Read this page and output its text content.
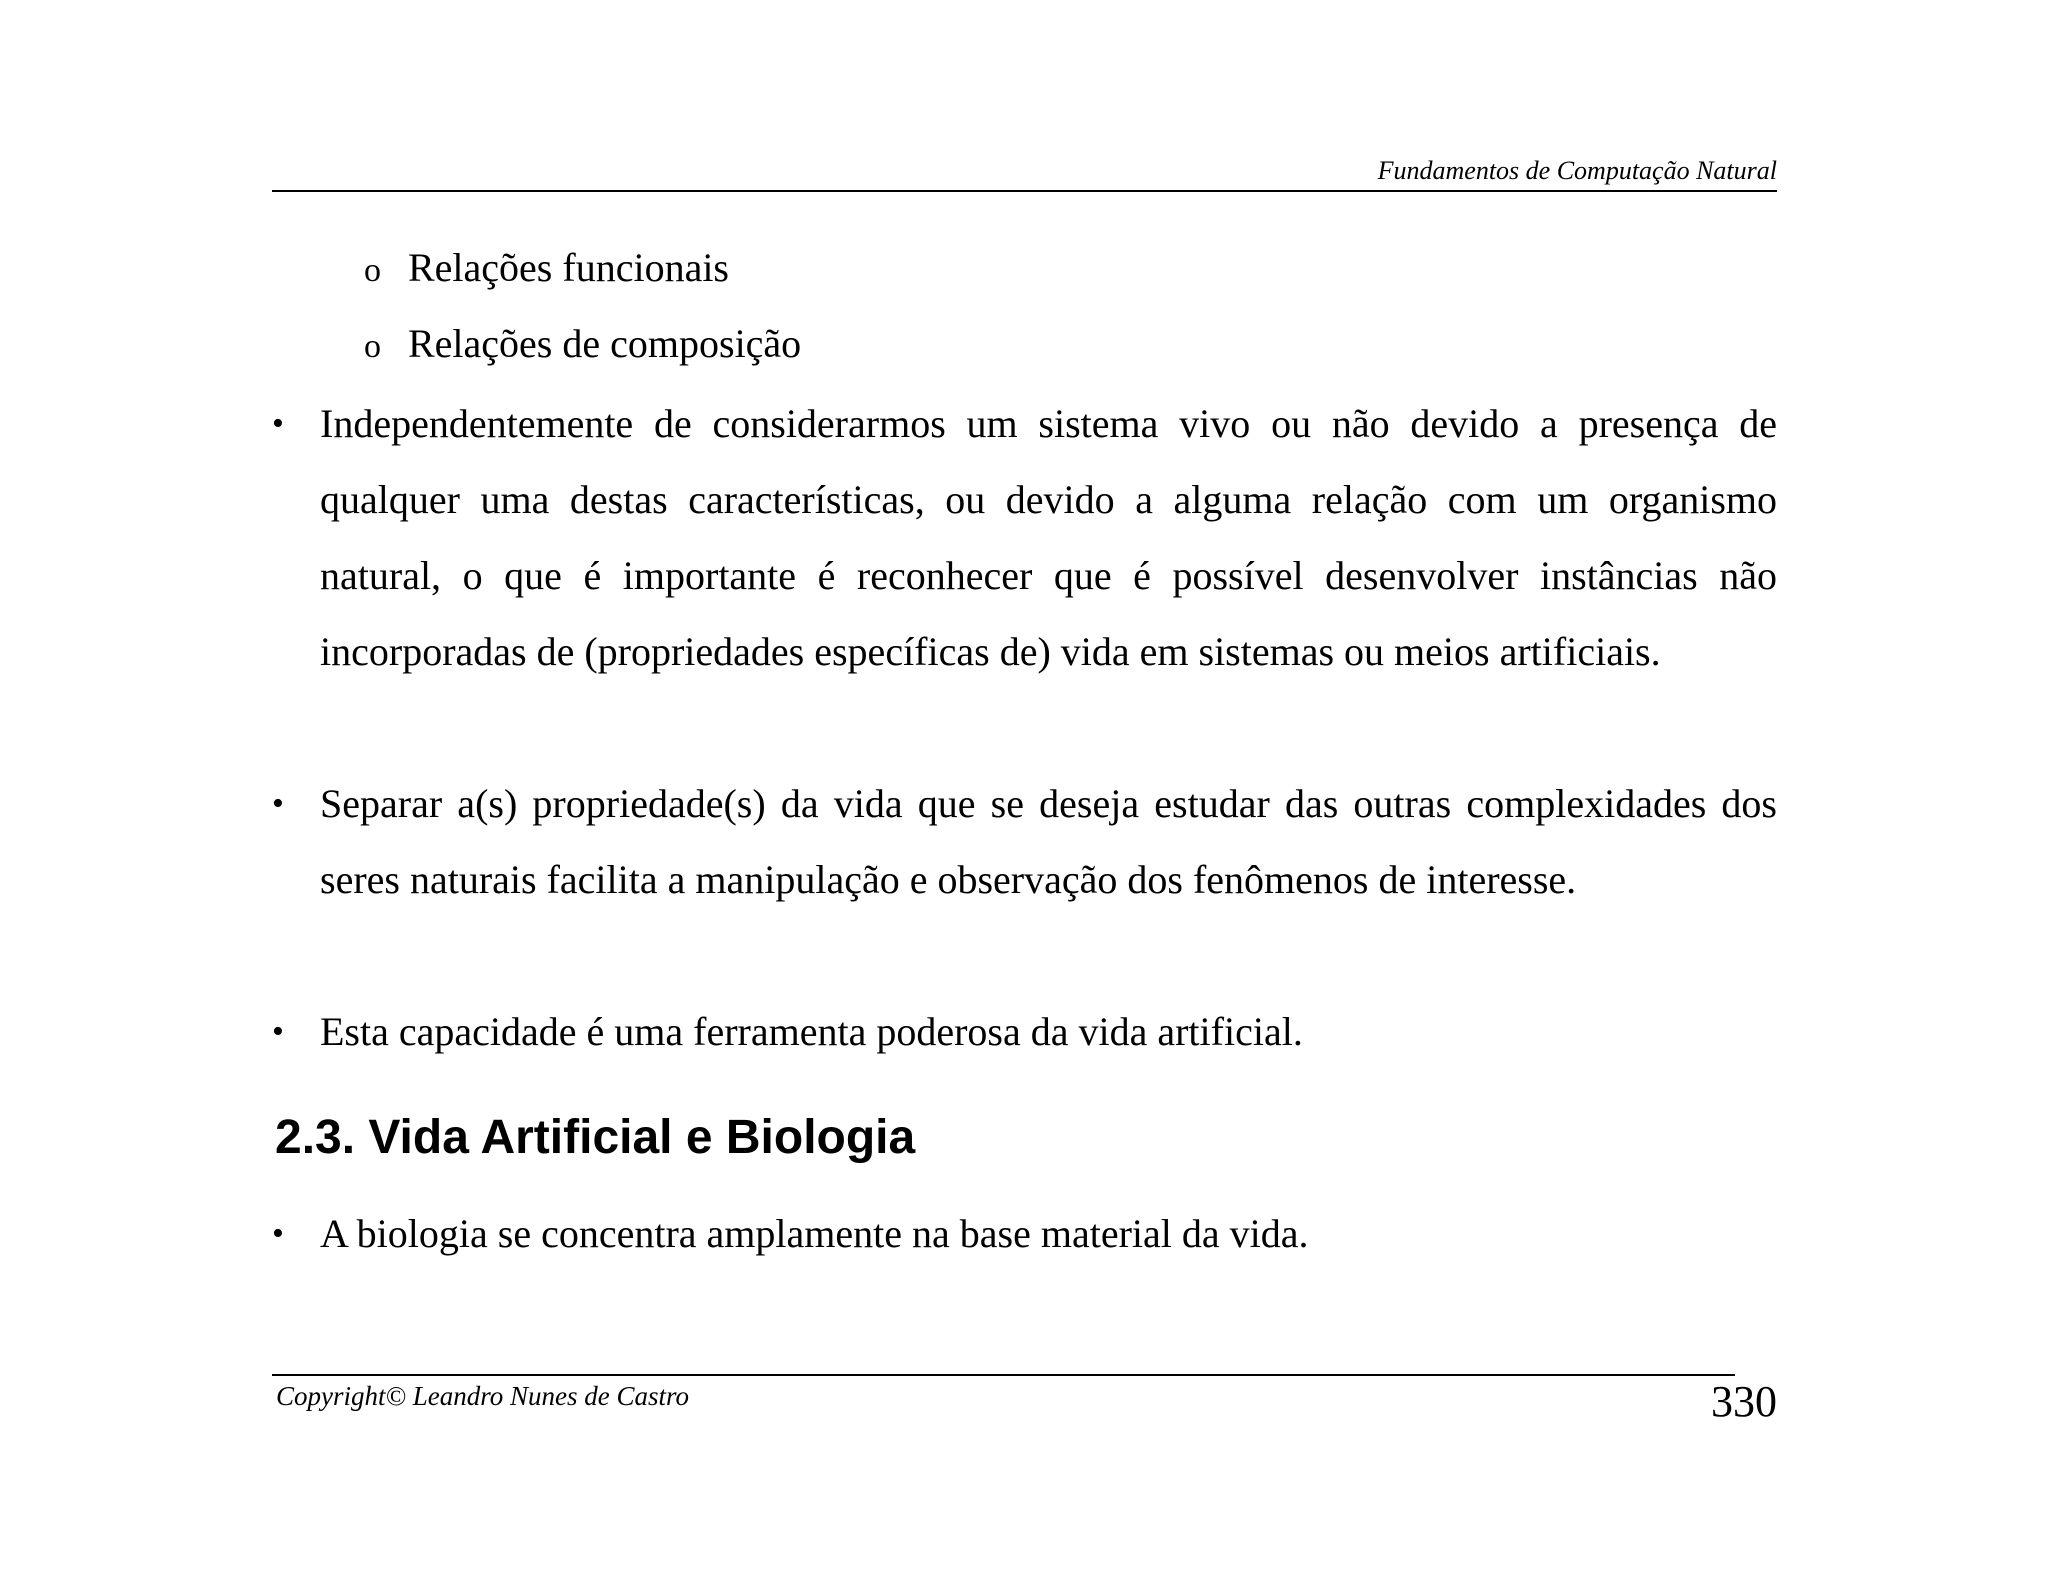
Fundamentos de Computação Natural
o Relações funcionais
o Relações de composição
• Independentemente de considerarmos um sistema vivo ou não devido a presença de qualquer uma destas características, ou devido a alguma relação com um organismo natural, o que é importante é reconhecer que é possível desenvolver instâncias não incorporadas de (propriedades específicas de) vida em sistemas ou meios artificiais.
• Separar a(s) propriedade(s) da vida que se deseja estudar das outras complexidades dos seres naturais facilita a manipulação e observação dos fenômenos de interesse.
• Esta capacidade é uma ferramenta poderosa da vida artificial.
2.3. Vida Artificial e Biologia
• A biologia se concentra amplamente na base material da vida.
Copyright© Leandro Nunes de Castro	330
